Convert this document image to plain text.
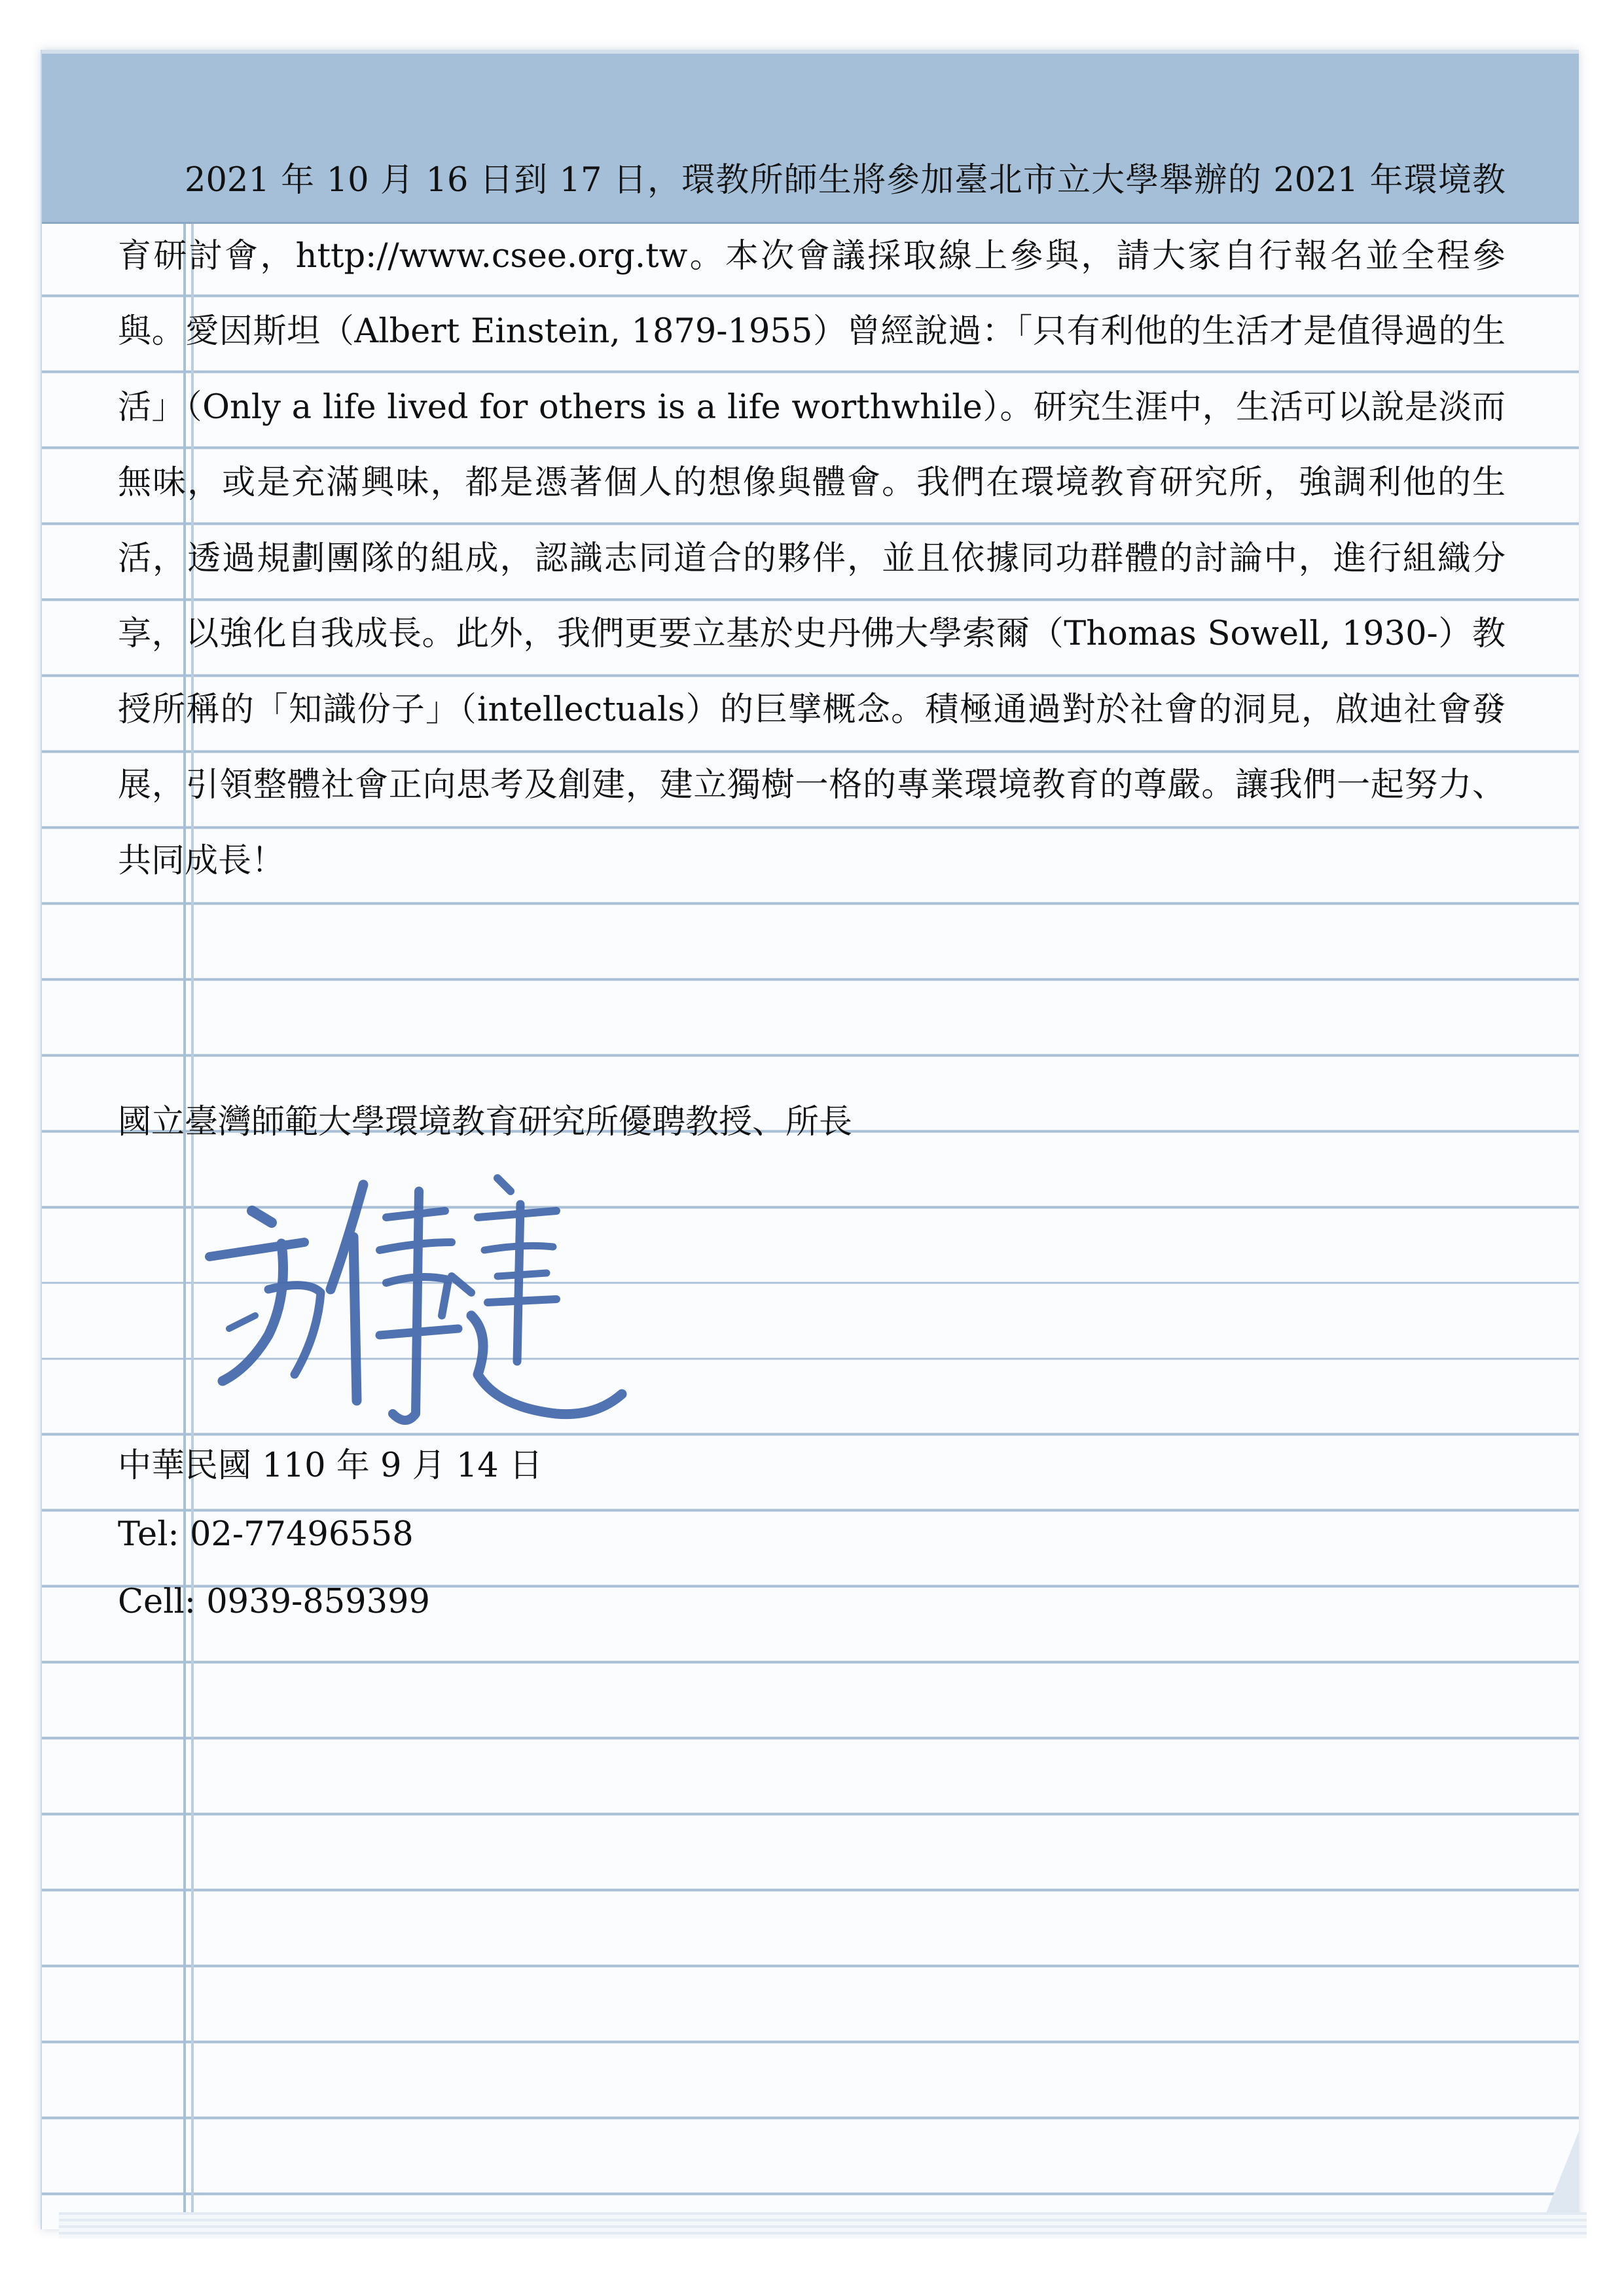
2021 年 10 月 16 日到 17 日，環教所師生將參加臺北市立大學舉辦的 2021 年環境教育研討會，http://www.csee.org.tw。本次會議採取線上參與，請大家自行報名並全程參與。愛因斯坦（Albert Einstein, 1879-1955）曾經說過：「只有利他的生活才是值得過的生活」（Only a life lived for others is a life worthwhile）。研究生涯中，生活可以說是淡而無味，或是充滿興味，都是憑著個人的想像與體會。我們在環境教育研究所，強調利他的生活，透過規劃團隊的組成，認識志同道合的夥伴，並且依據同功群體的討論中，進行組織分享，以強化自我成長。此外，我們更要立基於史丹佛大學索爾（Thomas Sowell, 1930-）教授所稱的「知識份子」（intellectuals）的巨擘概念。積極通過對於社會的洞見，啟迪社會發展，引領整體社會正向思考及創建，建立獨樹一格的專業環境教育的尊嚴。讓我們一起努力、共同成長！
國立臺灣師範大學環境教育研究所優聘教授、所長
中華民國 110 年 9 月 14 日
Tel: 02-77496558
Cell: 0939-859399
